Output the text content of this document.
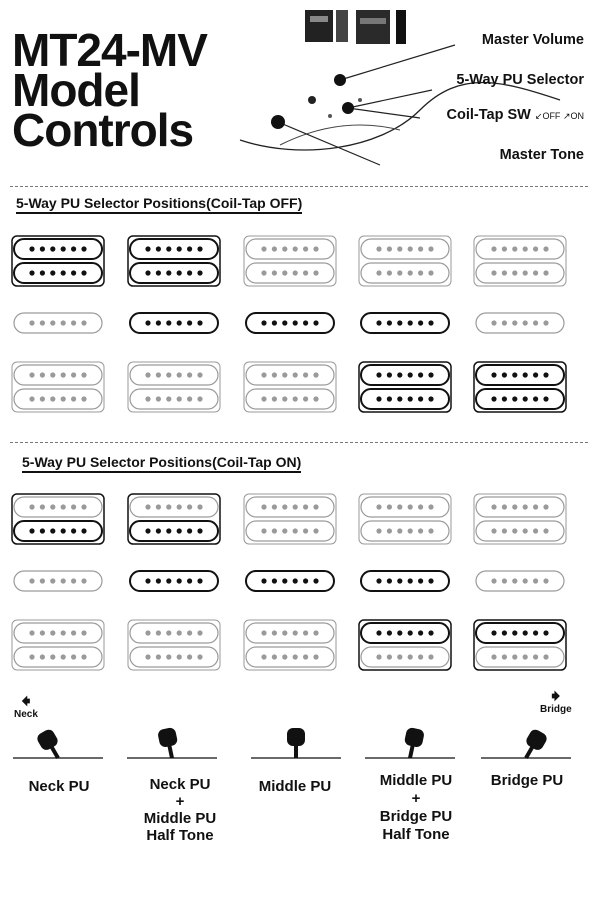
MT24-MV
Model
Controls
Master Volume
5-Way PU Selector
Coil-Tap SW ↙OFF ↗ON
Master Tone
5-Way PU Selector Positions(Coil-Tap OFF)
5-Way PU Selector Positions(Coil-Tap ON)
🠸
Neck
🠺
Bridge
Neck PU	Neck PU
+
Middle PU
Half Tone
Middle PU	Middle PU
+
Bridge PU
Half Tone
Bridge PU
